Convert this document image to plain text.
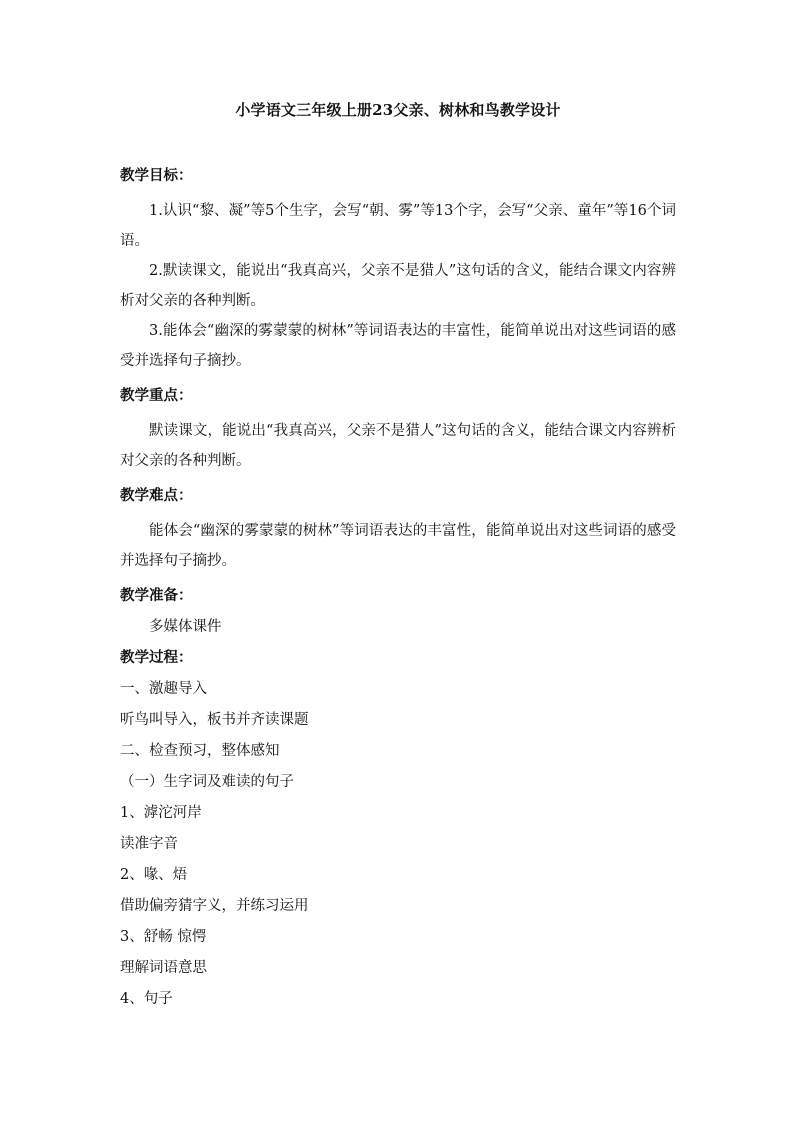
小学语文三年级上册23父亲、树林和鸟教学设计
教学目标：

1.认识“黎、凝”等5个生字，会写“朝、雾”等13个字，会写“父亲、童年”等16个词语。

2.默读课文，能说出“我真高兴，父亲不是猎人”这句话的含义，能结合课文内容辨析对父亲的各种判断。

3.能体会“幽深的雾蒙蒙的树林”等词语表达的丰富性，能简单说出对这些词语的感受并选择句子摘抄。

教学重点：

默读课文，能说出“我真高兴，父亲不是猎人”这句话的含义，能结合课文内容辨析对父亲的各种判断。

教学难点：

能体会“幽深的雾蒙蒙的树林”等词语表达的丰富性，能简单说出对这些词语的感受并选择句子摘抄。

教学准备：
多媒体课件
教学过程：
一、激趣导入
听鸟叫导入，板书并齐读课题
二、检查预习，整体感知
（一）生字词及难读的句子
1、滹沱河岸
读准字音
2、喙、焐
借助偏旁猜字义，并练习运用
3、舒畅 惊愕
理解词语意思
4、句子
